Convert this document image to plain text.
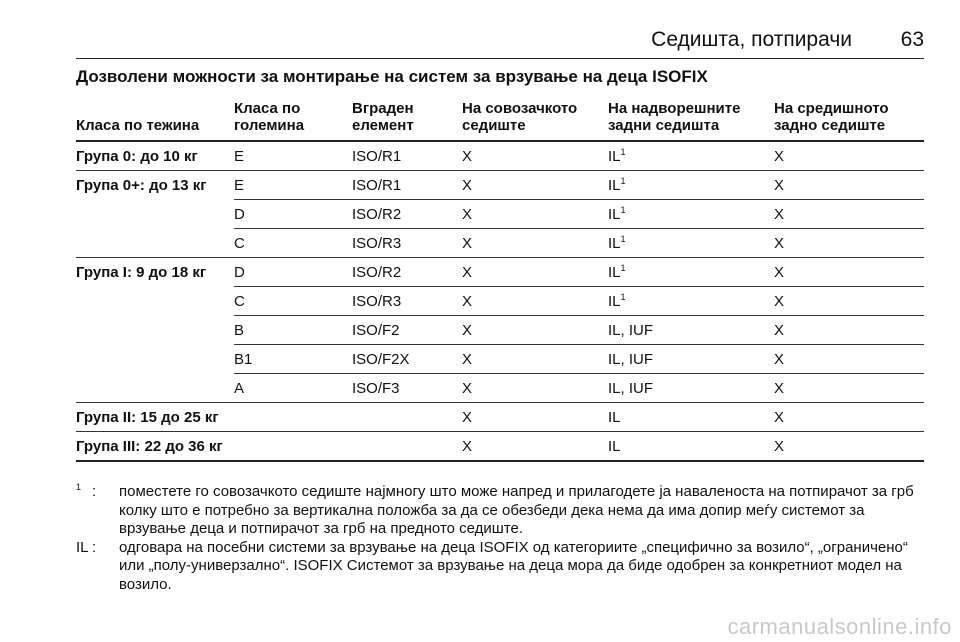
Седишта, потпирачи 63
Дозволени можности за монтирање на систем за врзување на деца ISOFIX
Класа по тежина	Класа по големина	Вграден елемент	На совозачкото седиште	На надворешните задни седишта	На средишното задно седиште

Група 0: до 10 кг	E	ISO/R1	X	$IL^1$	X
Група 0+: до 13 кг	E	ISO/R1	X	$IL^1$	X
	D	ISO/R2	X	$IL^1$	X
	C	ISO/R3	X	$IL^1$	X
Група I: 9 до 18 кг	D	ISO/R2	X	$IL^1$	X
	C	ISO/R3	X	$IL^1$	X
	B	ISO/F2	X	IL, IUF	X
	B1	ISO/F2X	X	IL, IUF	X
	A	ISO/F3	X	IL, IUF	X
Група II: 15 до 25 кг			X	IL	X
Група III: 22 до 36 кг			X	IL	X
$^1$ : поместете го совозачкото седиште најмногу што може напред и прилагодете ја наваленоста на потпирачот за грб колку што е потребно за вертикална положба за да се обезбеди дека нема да има допир меѓу системот за врзување деца и потпирачот за грб на предното седиште.
IL : одговара на посебни системи за врзување на деца ISOFIX од категориите „специфично за возило“, „ограничено“ или „полу-универзално“. ISOFIX Системот за врзување на деца мора да биде одобрен за конкретниот модел на возило.
carmanualsonline.info
